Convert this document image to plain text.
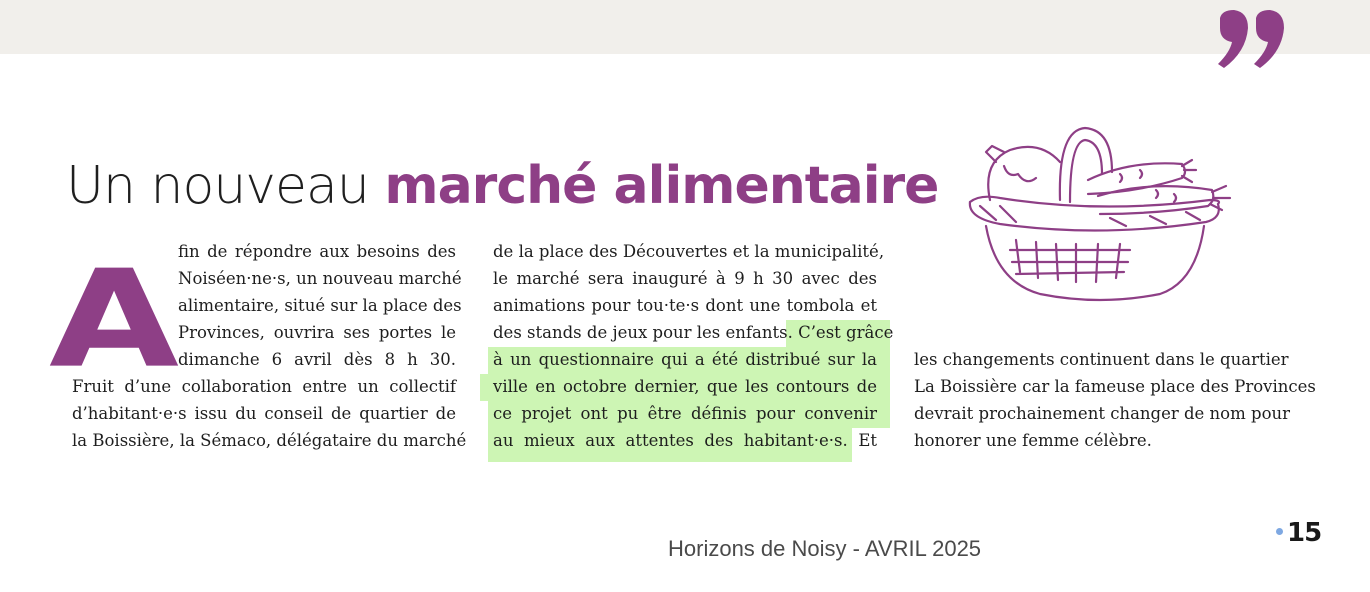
Un nouveau marché alimentaire
A
fin de répondre aux besoins des
Noiséen·ne·s, un nouveau marché
alimentaire, situé sur la place des
Provinces, ouvrira ses portes le
dimanche 6 avril dès 8 h 30.
Fruit d’une collaboration entre un collectif
d’habitant·e·s issu du conseil de quartier de
la Boissière, la Sémaco, délégataire du marché
de la place des Découvertes et la municipalité,
le marché sera inauguré à 9 h 30 avec des
animations pour tou·te·s dont une tombola et
des stands de jeux pour les enfants. C’est grâce
à un questionnaire qui a été distribué sur la
ville en octobre dernier, que les contours de
ce projet ont pu être définis pour convenir
au mieux aux attentes des habitant·e·s. Et
les changements continuent dans le quartier
La Boissière car la fameuse place des Provinces
devrait prochainement changer de nom pour
honorer une femme célèbre.
Horizons de Noisy - AVRIL 2025
15
